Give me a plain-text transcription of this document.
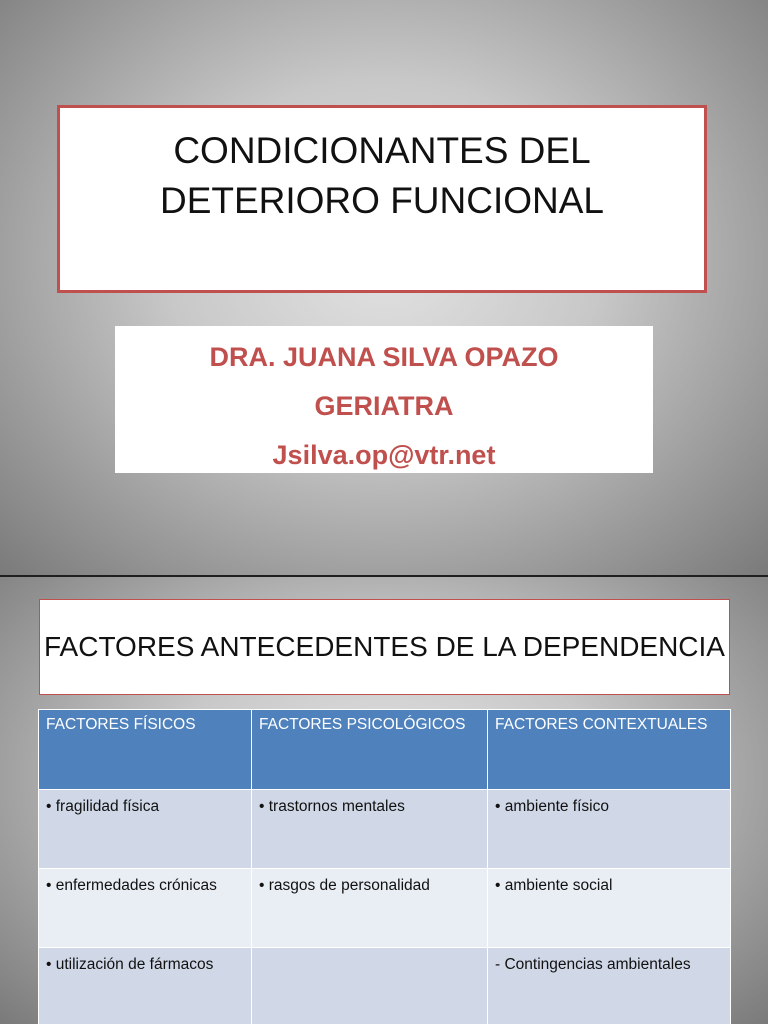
CONDICIONANTES DEL
DETERIORO FUNCIONAL
DRA. JUANA SILVA OPAZO
GERIATRA
Jsilva.op@vtr.net
FACTORES ANTECEDENTES DE LA DEPENDENCIA
FACTORES FÍSICOS	FACTORES PSICOLÓGICOS	FACTORES CONTEXTUALES
• fragilidad física	• trastornos mentales	• ambiente físico
• enfermedades crónicas	• rasgos de personalidad	• ambiente social
• utilización de fármacos		- Contingencias ambientales
